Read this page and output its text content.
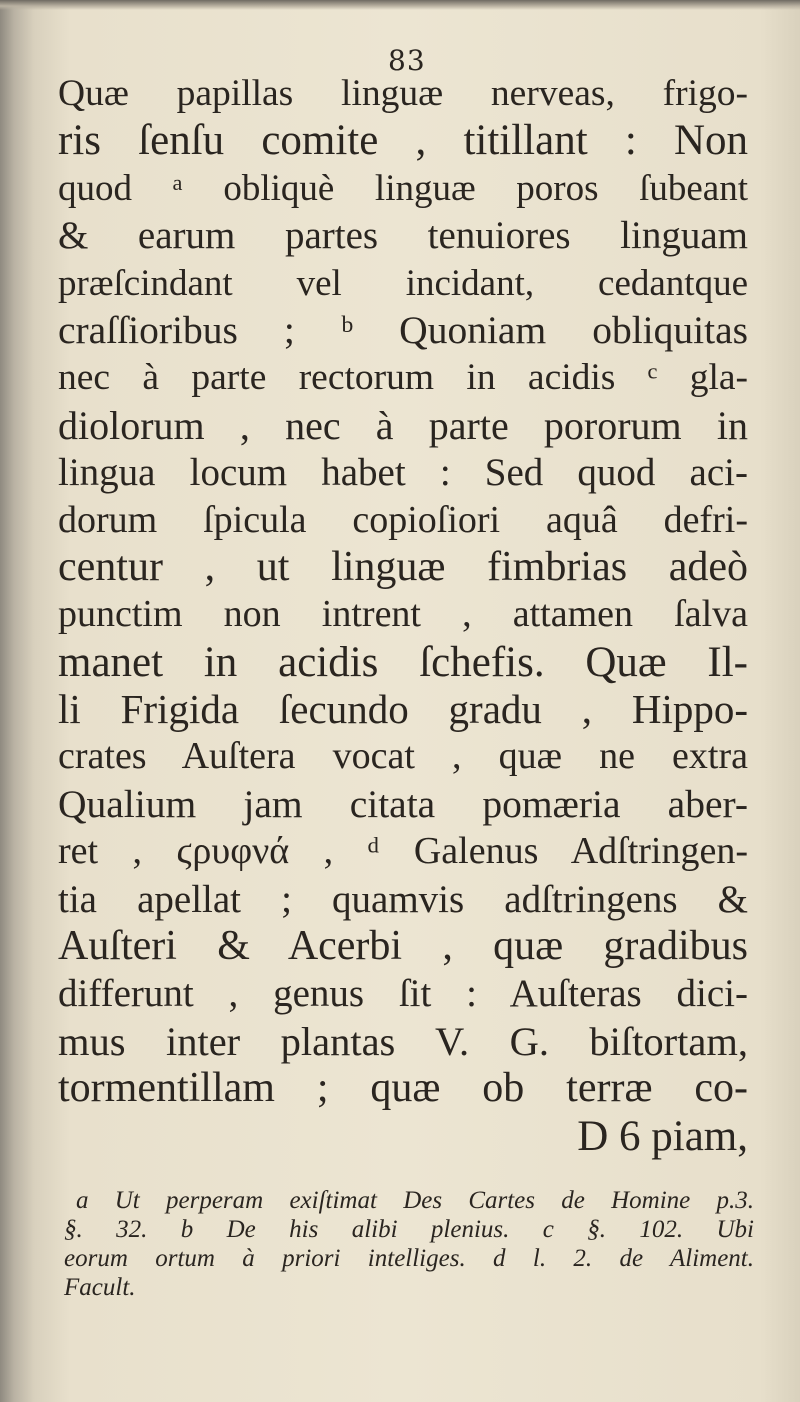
83
Quæ papillas linguæ nerveas, frigo-
ris ſenſu comite , titillant : Non
quod ᵃ obliquè linguæ poros ſubeant
& earum partes tenuiores linguam
præſcindant vel incidant, cedantque
craſſioribus ; ᵇ Quoniam obliquitas
nec à parte rectorum in acidis ᶜ gla-
diolorum , nec à parte pororum in
lingua locum habet : Sed quod aci-
dorum ſpicula copioſiori aquâ defri-
centur , ut linguæ fimbrias adeò
punctim non intrent , attamen ſalva
manet in acidis ſchefis. Quæ Il-
li Frigida ſecundo gradu , Hippo-
crates Auſtera vocat , quæ ne extra
Qualium jam citata pomæria aber-
ret , ϛρυφνά , ᵈ Galenus Adſtringen-
tia apellat ; quamvis adſtringens &
Auſteri & Acerbi , quæ gradibus
differunt , genus ſit : Auſteras dici-
mus inter plantas V. G. biſtortam,
tormentillam ; quæ ob terræ co-
D 6 piam,
a Ut perperam exiſtimat Des Cartes de Homine p.3.
§. 32. b De his alibi plenius. c §. 102. Ubi
eorum ortum à priori intelliges. d l. 2. de Aliment.
Facult.
